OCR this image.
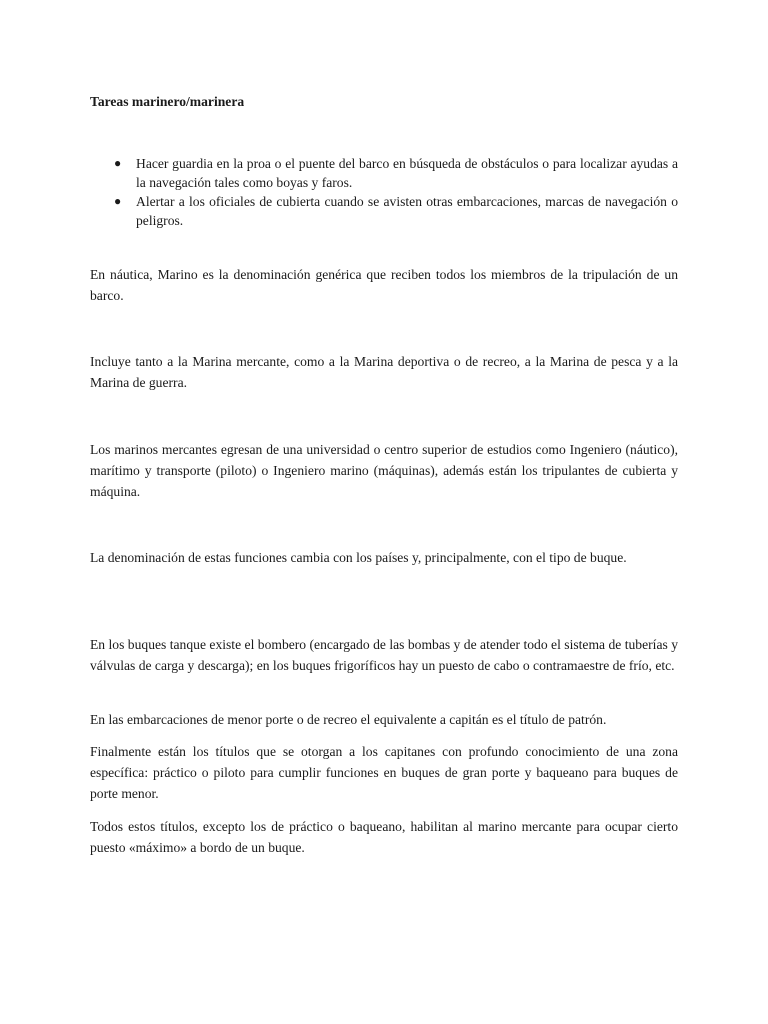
Tareas marinero/marinera
● Hacer guardia en la proa o el puente del barco en búsqueda de obstáculos o para localizar ayudas a la navegación tales como boyas y faros.
● Alertar a los oficiales de cubierta cuando se avisten otras embarcaciones, marcas de navegación o peligros.

En náutica, Marino es la denominación genérica que reciben todos los miembros de la tripulación de un barco.

Incluye tanto a la Marina mercante, como a la Marina deportiva o de recreo, a la Marina de pesca y a la Marina de guerra.

Los marinos mercantes egresan de una universidad o centro superior de estudios como Ingeniero (náutico), marítimo y transporte (piloto) o Ingeniero marino (máquinas), además están los tripulantes de cubierta y máquina.

La denominación de estas funciones cambia con los países y, principalmente, con el tipo de buque.

En los buques tanque existe el bombero (encargado de las bombas y de atender todo el sistema de tuberías y válvulas de carga y descarga); en los buques frigoríficos hay un puesto de cabo o contramaestre de frío, etc.

En las embarcaciones de menor porte o de recreo el equivalente a capitán es el título de patrón.

Finalmente están los títulos que se otorgan a los capitanes con profundo conocimiento de una zona específica: práctico o piloto para cumplir funciones en buques de gran porte y baqueano para buques de porte menor.

Todos estos títulos, excepto los de práctico o baqueano, habilitan al marino mercante para ocupar cierto puesto «máximo» a bordo de un buque.
